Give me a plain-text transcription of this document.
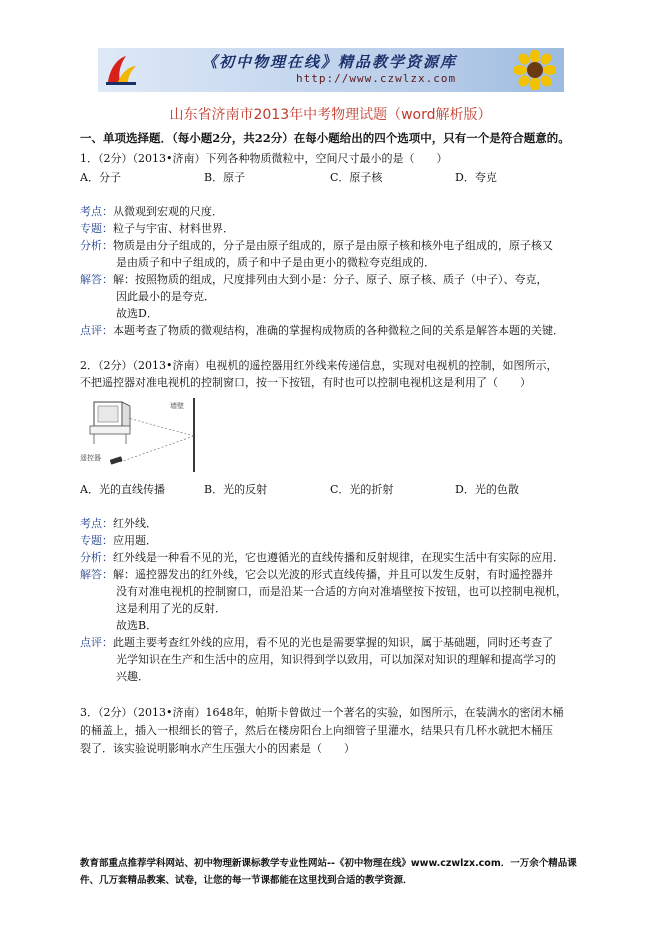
《初中物理在线》精品教学资源库
http://www.czwlzx.com
山东省济南市2013年中考物理试题（word解析版）
一、单项选择题．（每小题2分，共22分）在每小题给出的四个选项中，只有一个是符合题意的。
1．（2分）（2013•济南）下列各种物质微粒中，空间尺寸最小的是（　　）
A．分子	B．原子	C．原子核	D．夸克
考点：从微观到宏观的尺度．
专题：粒子与宇宙、材料世界．
分析：物质是由分子组成的，分子是由原子组成的，原子是由原子核和核外电子组成的，原子核又
是由质子和中子组成的，质子和中子是由更小的微粒夸克组成的．
解答：解：按照物质的组成，尺度排列由大到小是：分子、原子、原子核、质子（中子）、夸克，
因此最小的是夸克．
故选D．
点评：本题考查了物质的微观结构，准确的掌握构成物质的各种微粒之间的关系是解答本题的关键．
2．（2分）（2013•济南）电视机的遥控器用红外线来传递信息，实现对电视机的控制，如图所示，
不把遥控器对准电视机的控制窗口，按一下按钮，有时也可以控制电视机这是利用了（　　）
墙壁
遥控器
A．光的直线传播	B．光的反射	C．光的折射	D．光的色散
考点：红外线．
专题：应用题．
分析：红外线是一种看不见的光，它也遵循光的直线传播和反射规律，在现实生活中有实际的应用．
解答：解：遥控器发出的红外线，它会以光波的形式直线传播，并且可以发生反射，有时遥控器并
没有对准电视机的控制窗口，而是沿某一合适的方向对准墙壁按下按钮，也可以控制电视机，
这是利用了光的反射．
故选B．
点评：此题主要考查红外线的应用，看不见的光也是需要掌握的知识，属于基础题，同时还考查了
光学知识在生产和生活中的应用，知识得到学以致用，可以加深对知识的理解和提高学习的
兴趣．
3．（2分）（2013•济南）1648年，帕斯卡曾做过一个著名的实验，如图所示，在装满水的密闭木桶
的桶盖上，插入一根细长的管子，然后在楼房阳台上向细管子里灌水，结果只有几杯水就把木桶压
裂了．该实验说明影响水产生压强大小的因素是（　　）
教育部重点推荐学科网站、初中物理新课标教学专业性网站--《初中物理在线》www.czwlzx.com．一万余个精品课
件、几万套精品教案、试卷，让您的每一节课都能在这里找到合适的教学资源．
